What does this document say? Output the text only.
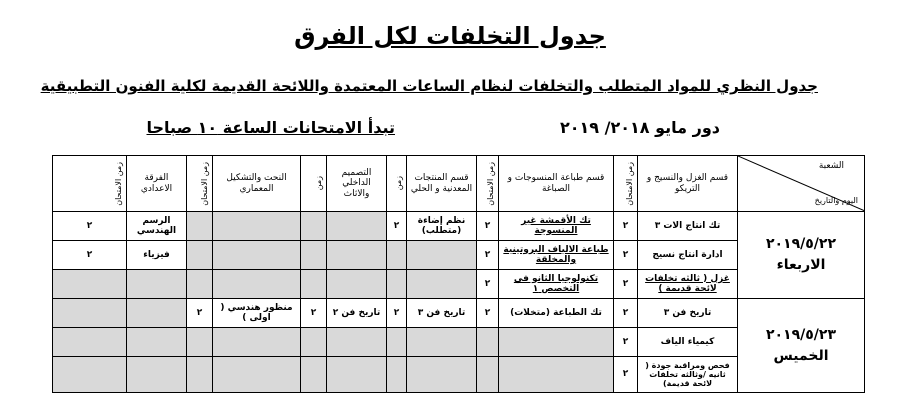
جدول التخلفات لكل الفرق
جدول النظري للمواد المتطلب والتخلفات لنظام الساعات المعتمدة واللائحة القديمة لكلية الفنون التطبيقية
دور مايو ٢٠١٨/ ٢٠١٩
تبدأ الامتحانات الساعة ١٠ صباحا
الشعبة
اليوم والتاريخ	قسم الغزل والنسيج و التريكو	زمن الامتحان	قسم طباعة المنسوجات و الصباغة	زمن الامتحان	قسم المنتجات المعدنية و الحلي	زمن	التصميم الداخلي والاثاث	زمن	النحت والتشكيل المعماري	زمن الامتحان	الفرقة الاعدادي	زمن الامتحان

٢٠١٩/٥/٢٢
الاربعاء	تك انتاج الات ٣	٢	تك الأقمشة غير المنسوجة	٢	نظم إضاءة (متطلب)	٢					الرسم الهندسي	٢
	ادارة انتاج نسيج	٢	طباعة الالياف البروتينية والمخلقة	٢							فيزياء	٢
	غزل ( ثالثه تخلفات لائحة قديمة )	٢	تكنولوجيا الثانو في التخصص ١	٢								

٢٠١٩/٥/٢٣
الخميس	تاريخ فن ٣	٢	تك الطباعة (متخلات)	٢	تاريخ فن ٣	٢	تاريخ فن ٢	٢	منظور هندسي ( اولى )	٢		
	كيمياء الياف	٢										
	فحص ومراقبة جودة ( ثانيه /وثالثه تخلفات لائحة قديمة)	٢										
